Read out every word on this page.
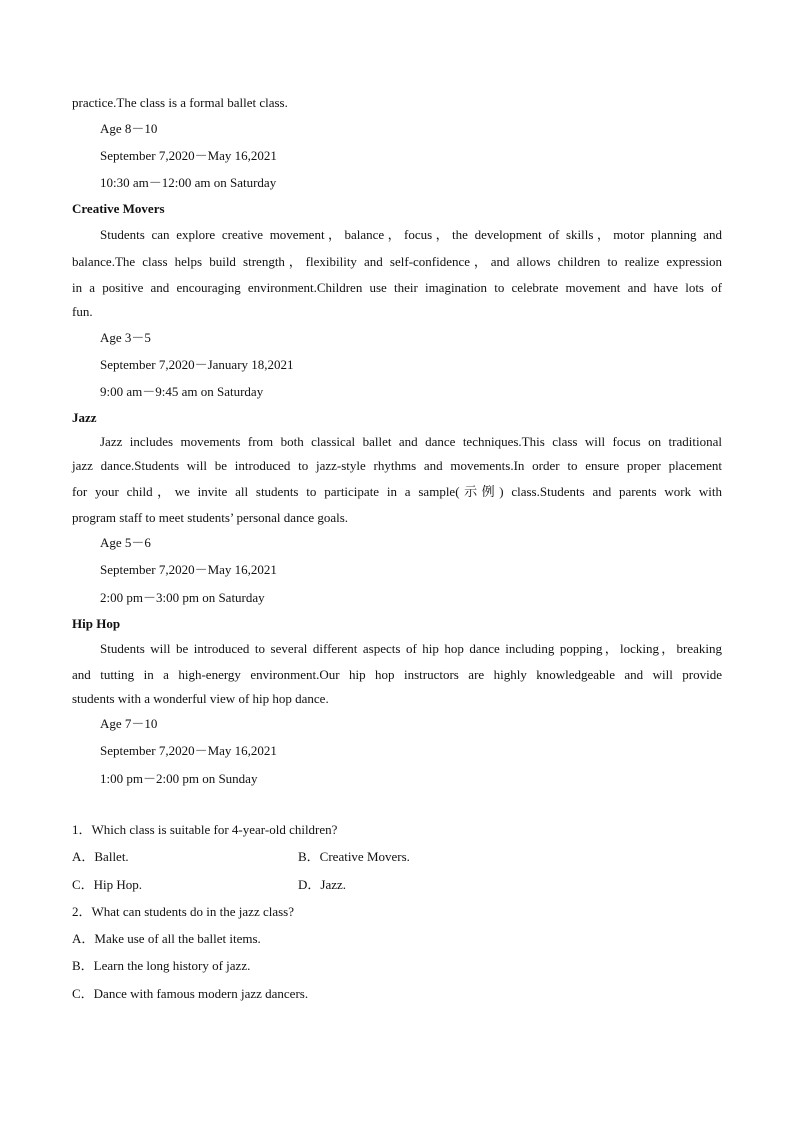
practice.The class is a formal ballet class.
Age 8－10
September 7,2020－May 16,2021
10:30 am－12:00 am on Saturday
Creative Movers
Students can explore creative movement，balance，focus，the development of skills，motor planning and
balance.The class helps build strength，flexibility and self-confidence，and allows children to realize expression
in a positive and encouraging environment.Children use their imagination to celebrate movement and have lots of
fun.
Age 3－5
September 7,2020－January 18,2021
9:00 am－9:45 am on Saturday
Jazz
Jazz includes movements from both classical ballet and dance techniques.This class will focus on traditional
jazz dance.Students will be introduced to jazz-style rhythms and movements.In order to ensure proper placement
for your child，we invite all students to participate in a sample(示例) class.Students and parents work with
program staff to meet students’ personal dance goals.
Age 5－6
September 7,2020－May 16,2021
2:00 pm－3:00 pm on Saturday
Hip Hop
Students will be introduced to several different aspects of hip hop dance including popping，locking，breaking
and tutting in a high-energy environment.Our hip hop instructors are highly knowledgeable and will provide
students with a wonderful view of hip hop dance.
Age 7－10
September 7,2020－May 16,2021
1:00 pm－2:00 pm on Sunday
1．Which class is suitable for 4-year-old children?
A．Ballet.	B．Creative Movers.
C．Hip Hop.	D．Jazz.
2．What can students do in the jazz class?
A．Make use of all the ballet items.
B．Learn the long history of jazz.
C．Dance with famous modern jazz dancers.
